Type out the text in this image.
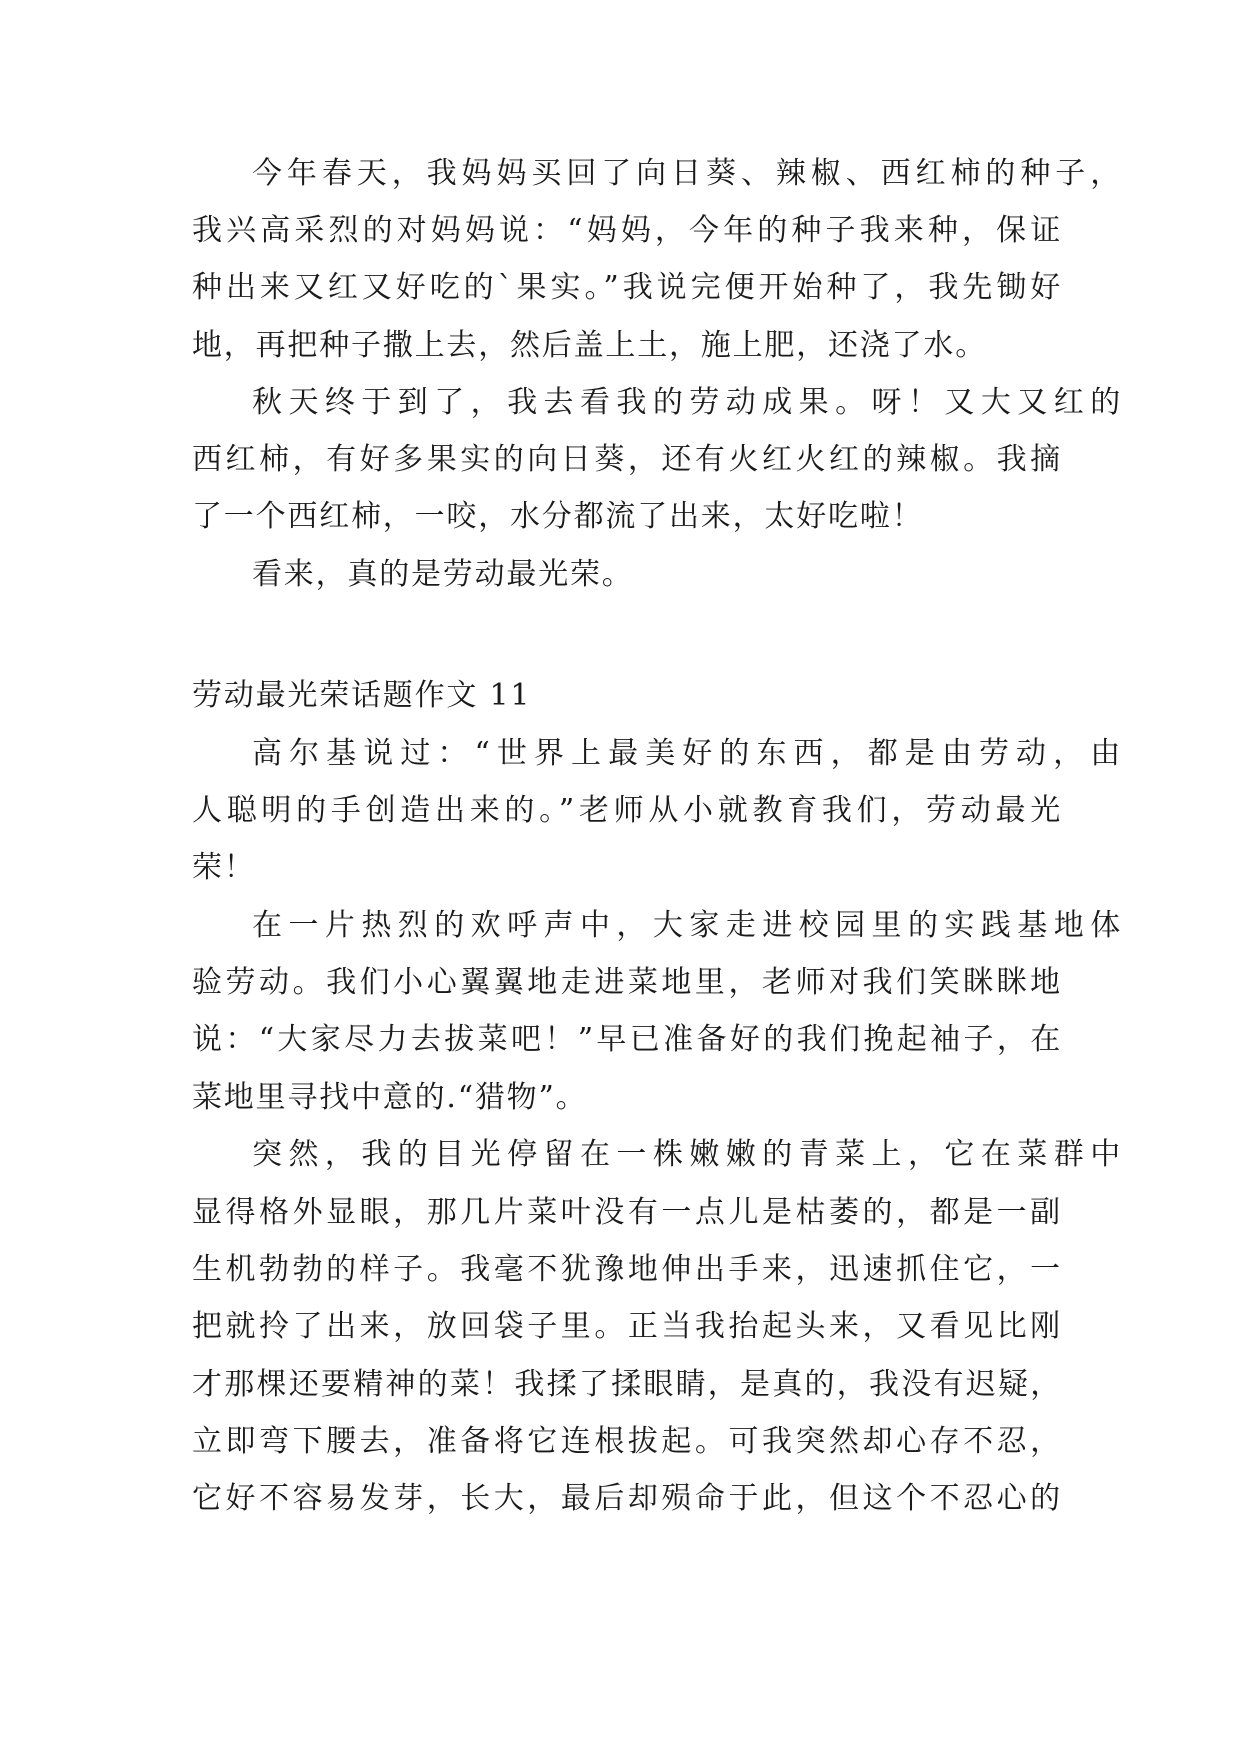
今年春天，我妈妈买回了向日葵、辣椒、西红柿的种子，
我兴高采烈的对妈妈说：“妈妈，今年的种子我来种，保证
种出来又红又好吃的`果实。”我说完便开始种了，我先锄好
地，再把种子撒上去，然后盖上土，施上肥，还浇了水。
秋天终于到了，我去看我的劳动成果。呀！又大又红的
西红柿，有好多果实的向日葵，还有火红火红的辣椒。我摘
了一个西红柿，一咬，水分都流了出来，太好吃啦！
看来，真的是劳动最光荣。
劳动最光荣话题作文 11
高尔基说过：“世界上最美好的东西，都是由劳动，由
人聪明的手创造出来的。”老师从小就教育我们，劳动最光
荣！
在一片热烈的欢呼声中，大家走进校园里的实践基地体
验劳动。我们小心翼翼地走进菜地里，老师对我们笑眯眯地
说：“大家尽力去拔菜吧！”早已准备好的我们挽起袖子，在
菜地里寻找中意的.“猎物”。
突然，我的目光停留在一株嫩嫩的青菜上，它在菜群中
显得格外显眼，那几片菜叶没有一点儿是枯萎的，都是一副
生机勃勃的样子。我毫不犹豫地伸出手来，迅速抓住它，一
把就拎了出来，放回袋子里。正当我抬起头来，又看见比刚
才那棵还要精神的菜！我揉了揉眼睛，是真的，我没有迟疑，
立即弯下腰去，准备将它连根拔起。可我突然却心存不忍，
它好不容易发芽，长大，最后却殒命于此，但这个不忍心的
